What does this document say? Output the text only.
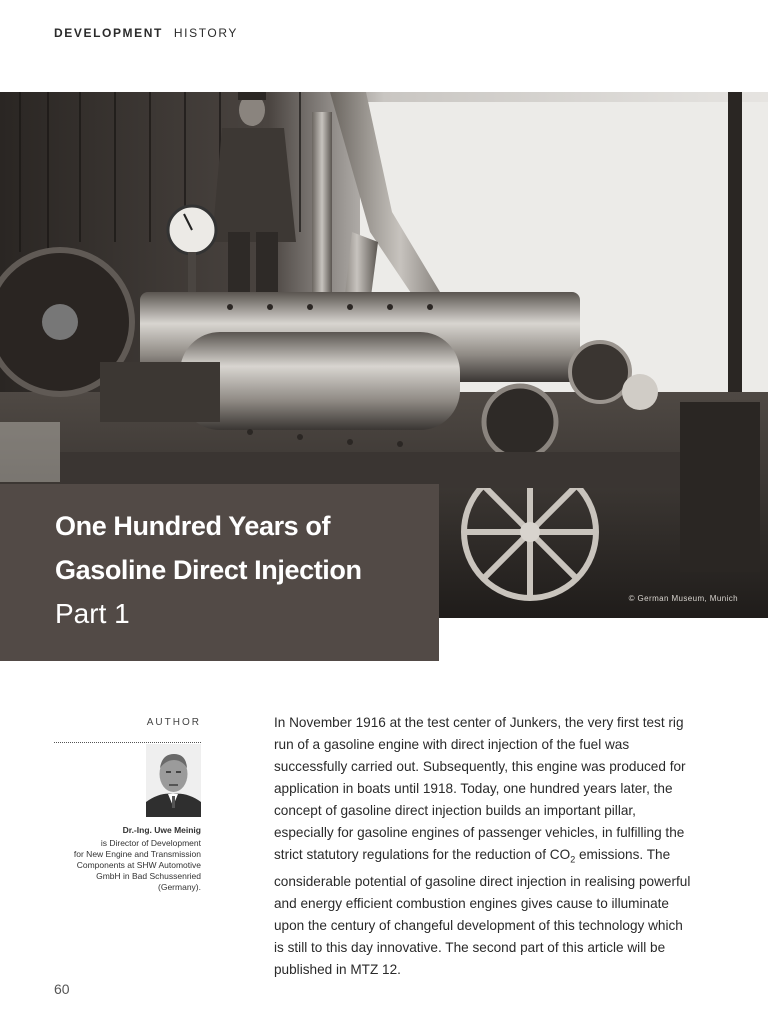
DEVELOPMENT HISTORY
© German Museum, Munich
One Hundred Years of
Gasoline Direct Injection
Part 1
AUTHOR
Dr.-Ing. Uwe Meinig
is Director of Development
for New Engine and Transmission
Components at SHW Automotive
GmbH in Bad Schussenried
(Germany).
In November 1916 at the test center of Junkers, the very first test rig run of a gasoline engine with direct injection of the fuel was successfully carried out. Subsequently, this engine was produced for application in boats until 1918. Today, one hundred years later, the concept of gasoline direct injection builds an important pillar, especially for gasoline engines of passenger vehicles, in fulfilling the strict statutory regulations for the reduction of $CO_2$ emissions. The considerable potential of gasoline direct injection in realising powerful and energy efficient combustion engines gives cause to illuminate upon the century of changeful development of this technology which is still to this day innovative. The second part of this article will be published in MTZ 12.
60
